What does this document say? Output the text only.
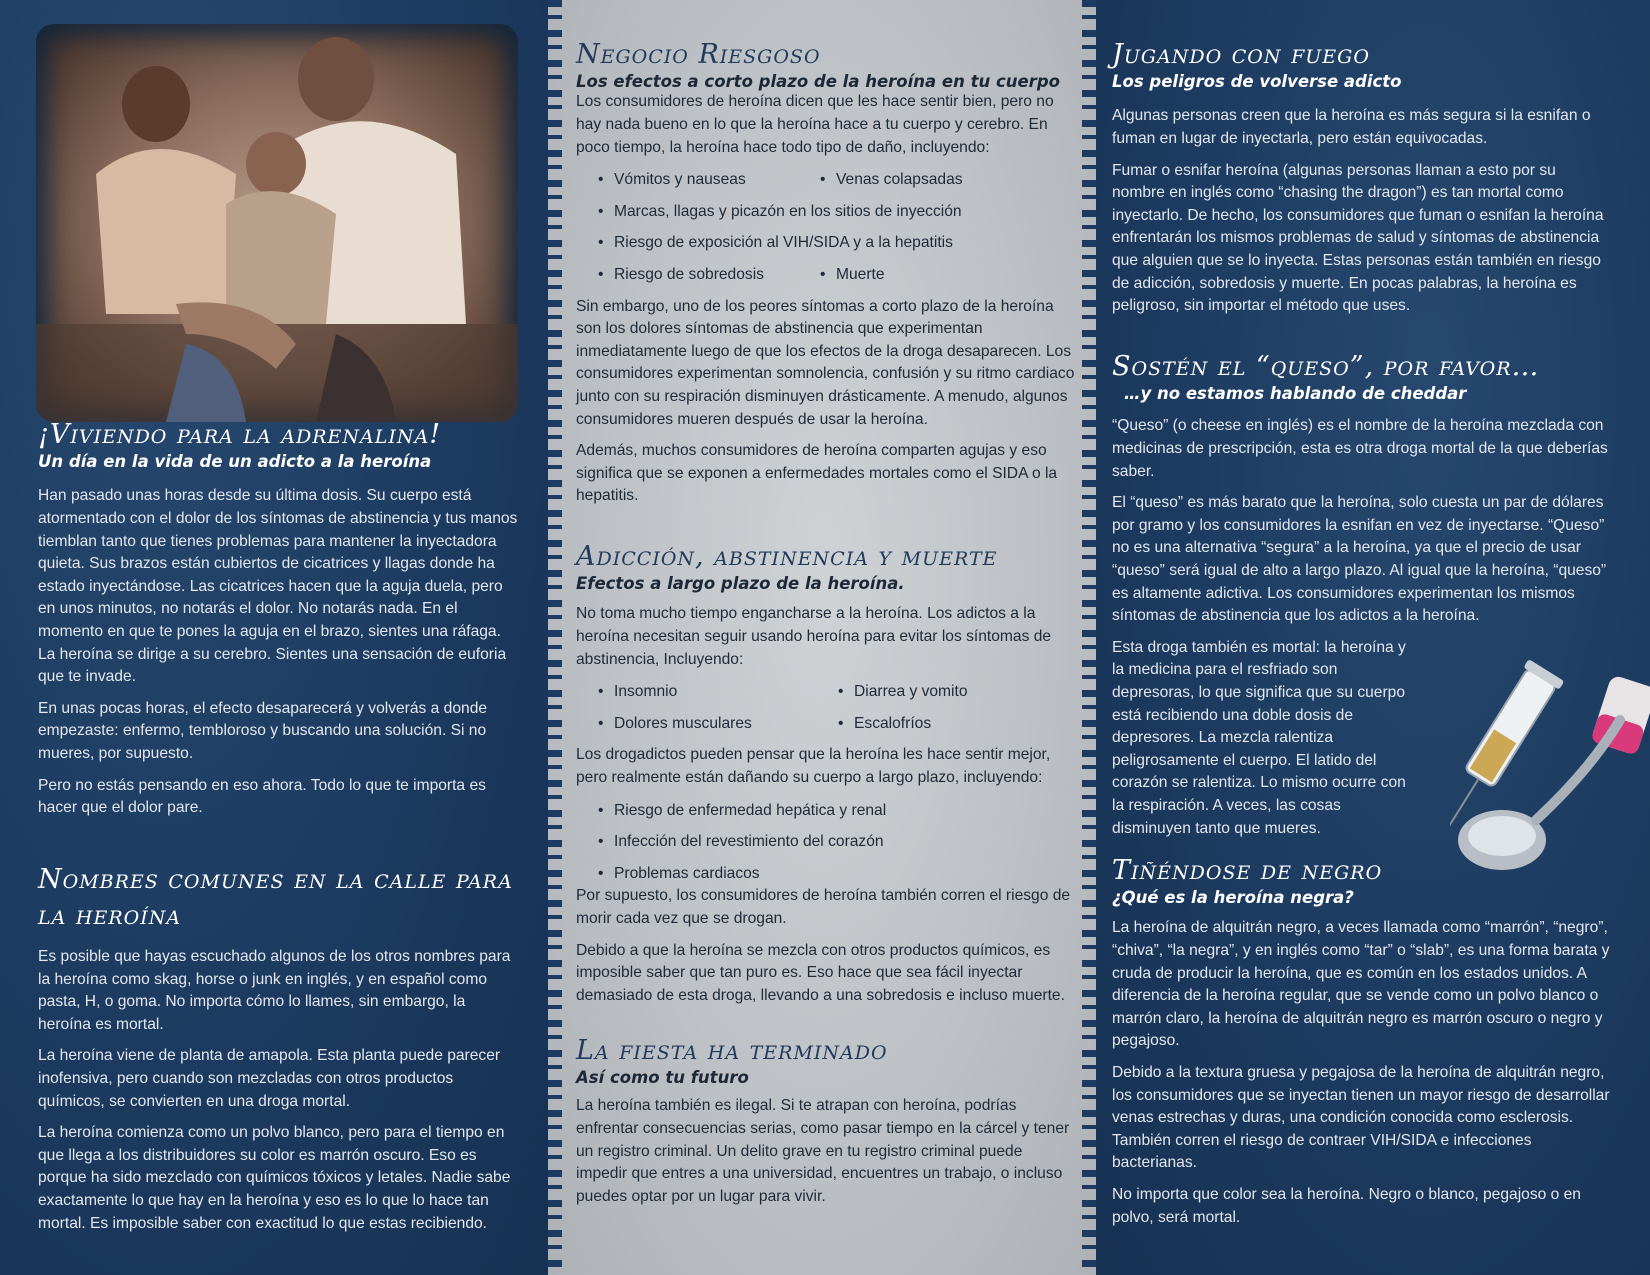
¡Viviendo para la adrenalina!
Un día en la vida de un adicto a la heroína

Han pasado unas horas desde su última dosis. Su cuerpo está atormentado con el dolor de los síntomas de abstinencia y tus manos tiemblan tanto que tienes problemas para mantener la inyectadora quieta. Sus brazos están cubiertos de cicatrices y llagas donde ha estado inyectándose. Las cicatrices hacen que la aguja duela, pero en unos minutos, no notarás el dolor. No notarás nada. En el momento en que te pones la aguja en el brazo, sientes una ráfaga. La heroína se dirige a su cerebro. Sientes una sensación de euforia que te invade.

En unas pocas horas, el efecto desaparecerá y volverás a donde empezaste: enfermo, tembloroso y buscando una solución. Si no mueres, por supuesto.

Pero no estás pensando en eso ahora. Todo lo que te importa es hacer que el dolor pare.

Nombres comunes en la calle para la heroína

Es posible que hayas escuchado algunos de los otros nombres para la heroína como skag, horse o junk en inglés, y en español como pasta, H, o goma. No importa cómo lo llames, sin embargo, la heroína es mortal.

La heroína viene de planta de amapola. Esta planta puede parecer inofensiva, pero cuando son mezcladas con otros productos químicos, se convierten en una droga mortal.

La heroína comienza como un polvo blanco, pero para el tiempo en que llega a los distribuidores su color es marrón oscuro. Eso es porque ha sido mezclado con químicos tóxicos y letales. Nadie sabe exactamente lo que hay en la heroína y eso es lo que lo hace tan mortal. Es imposible saber con exactitud lo que estas recibiendo.

Negocio Riesgoso
Los efectos a corto plazo de la heroína en tu cuerpo

Los consumidores de heroína dicen que les hace sentir bien, pero no hay nada bueno en lo que la heroína hace a tu cuerpo y cerebro. En poco tiempo, la heroína hace todo tipo de daño, incluyendo:

• Vómitos y nauseas	• Venas colapsadas
• Marcas, llagas y picazón en los sitios de inyección
• Riesgo de exposición al VIH/SIDA y a la hepatitis
• Riesgo de sobredosis	• Muerte

Sin embargo, uno de los peores síntomas a corto plazo de la heroína son los dolores síntomas de abstinencia que experimentan inmediatamente luego de que los efectos de la droga desaparecen. Los consumidores experimentan somnolencia, confusión y su ritmo cardiaco junto con su respiración disminuyen drásticamente. A menudo, algunos consumidores mueren después de usar la heroína.

Además, muchos consumidores de heroína comparten agujas y eso significa que se exponen a enfermedades mortales como el SIDA o la hepatitis.

Adicción, abstinencia y muerte
Efectos a largo plazo de la heroína.

No toma mucho tiempo engancharse a la heroína. Los adictos a la heroína necesitan seguir usando heroína para evitar los síntomas de abstinencia, Incluyendo:

• Insomnio	• Diarrea y vomito
• Dolores musculares	• Escalofríos

Los drogadictos pueden pensar que la heroína les hace sentir mejor, pero realmente están dañando su cuerpo a largo plazo, incluyendo:

• Riesgo de enfermedad hepática y renal
• Infección del revestimiento del corazón
• Problemas cardiacos

Por supuesto, los consumidores de heroína también corren el riesgo de morir cada vez que se drogan.

Debido a que la heroína se mezcla con otros productos químicos, es imposible saber que tan puro es. Eso hace que sea fácil inyectar demasiado de esta droga, llevando a una sobredosis e incluso muerte.

La fiesta ha terminado
Así como tu futuro

La heroína también es ilegal. Si te atrapan con heroína, podrías enfrentar consecuencias serias, como pasar tiempo en la cárcel y tener un registro criminal. Un delito grave en tu registro criminal puede impedir que entres a una universidad, encuentres un trabajo, o incluso puedes optar por un lugar para vivir.

Jugando con fuego
Los peligros de volverse adicto

Algunas personas creen que la heroína es más segura si la esnifan o fuman en lugar de inyectarla, pero están equivocadas.

Fumar o esnifar heroína (algunas personas llaman a esto por su nombre en inglés como “chasing the dragon”) es tan mortal como inyectarlo. De hecho, los consumidores que fuman o esnifan la heroína enfrentarán los mismos problemas de salud y síntomas de abstinencia que alguien que se lo inyecta. Estas personas están también en riesgo de adicción, sobredosis y muerte. En pocas palabras, la heroína es peligroso, sin importar el método que uses.

Sostén el “queso”, por favor…
…y no estamos hablando de cheddar

“Queso” (o cheese en inglés) es el nombre de la heroína mezclada con medicinas de prescripción, esta es otra droga mortal de la que deberías saber.

El “queso” es más barato que la heroína, solo cuesta un par de dólares por gramo y los consumidores la esnifan en vez de inyectarse. “Queso” no es una alternativa “segura” a la heroína, ya que el precio de usar “queso” será igual de alto a largo plazo. Al igual que la heroína, “queso” es altamente adictiva. Los consumidores experimentan los mismos síntomas de abstinencia que los adictos a la heroína.

Esta droga también es mortal: la heroína y la medicina para el resfriado son depresoras, lo que significa que su cuerpo está recibiendo una doble dosis de depresores. La mezcla ralentiza peligrosamente el cuerpo. El latido del corazón se ralentiza. Lo mismo ocurre con la respiración. A veces, las cosas disminuyen tanto que mueres.

Tiñéndose de negro
¿Qué es la heroína negra?

La heroína de alquitrán negro, a veces llamada como “marrón”, “negro”, “chiva”, “la negra”, y en inglés como “tar” o “slab”, es una forma barata y cruda de producir la heroína, que es común en los estados unidos. A diferencia de la heroína regular, que se vende como un polvo blanco o marrón claro, la heroína de alquitrán negro es marrón oscuro o negro y pegajoso.

Debido a la textura gruesa y pegajosa de la heroína de alquitrán negro, los consumidores que se inyectan tienen un mayor riesgo de desarrollar venas estrechas y duras, una condición conocida como esclerosis. También corren el riesgo de contraer VIH/SIDA e infecciones bacterianas.

No importa que color sea la heroína. Negro o blanco, pegajoso o en polvo, será mortal.
